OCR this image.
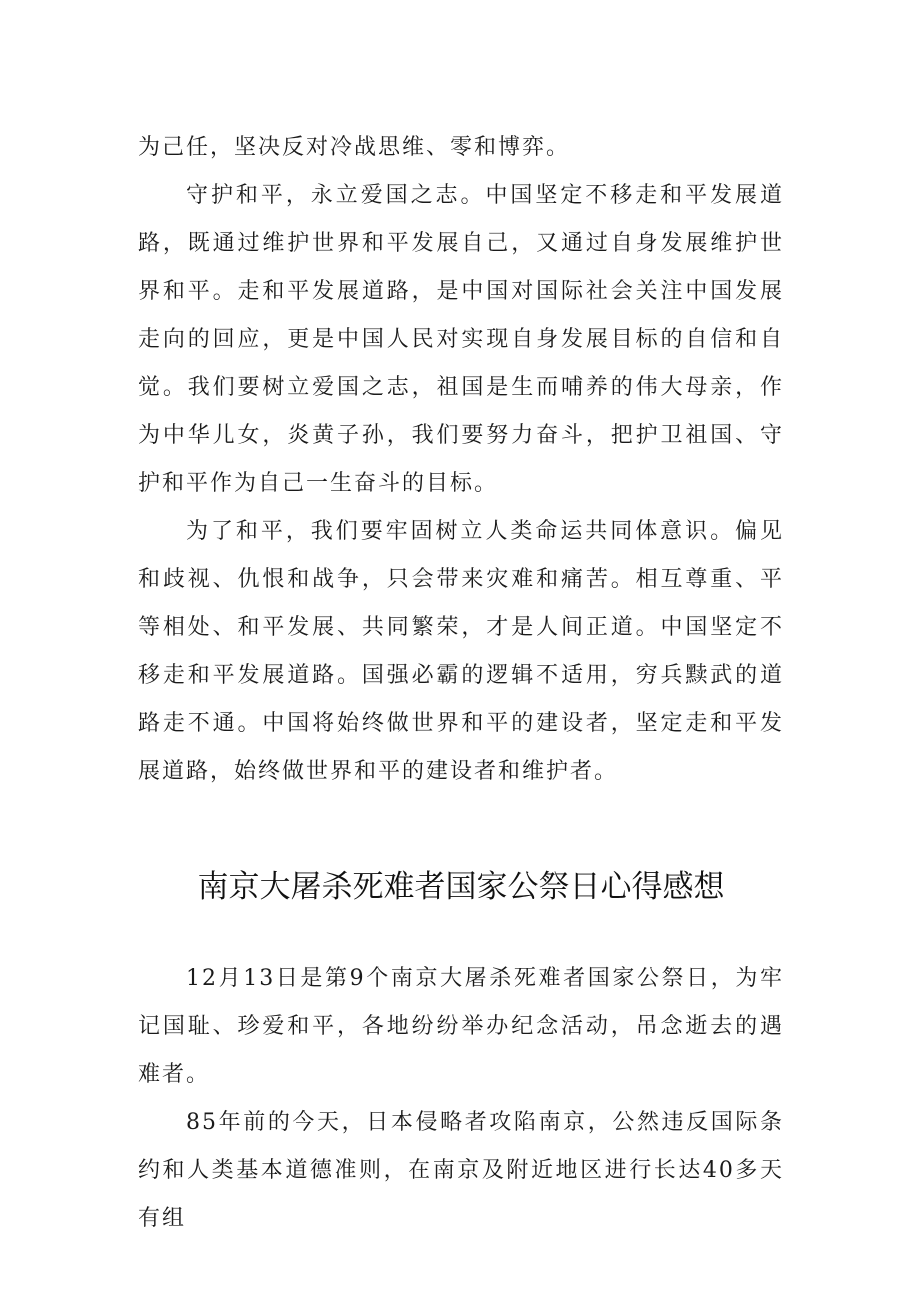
为己任，坚决反对冷战思维、零和博弈。

守护和平，永立爱国之志。中国坚定不移走和平发展道路，既通过维护世界和平发展自己，又通过自身发展维护世界和平。走和平发展道路，是中国对国际社会关注中国发展走向的回应，更是中国人民对实现自身发展目标的自信和自觉。我们要树立爱国之志，祖国是生而哺养的伟大母亲，作为中华儿女，炎黄子孙，我们要努力奋斗，把护卫祖国、守护和平作为自己一生奋斗的目标。

为了和平，我们要牢固树立人类命运共同体意识。偏见和歧视、仇恨和战争，只会带来灾难和痛苦。相互尊重、平等相处、和平发展、共同繁荣，才是人间正道。中国坚定不移走和平发展道路。国强必霸的逻辑不适用，穷兵黩武的道路走不通。中国将始终做世界和平的建设者，坚定走和平发展道路，始终做世界和平的建设者和维护者。

南京大屠杀死难者国家公祭日心得感想

12月13日是第9个南京大屠杀死难者国家公祭日，为牢记国耻、珍爱和平，各地纷纷举办纪念活动，吊念逝去的遇难者。

85年前的今天，日本侵略者攻陷南京，公然违反国际条约和人类基本道德准则，在南京及附近地区进行长达40多天有组
